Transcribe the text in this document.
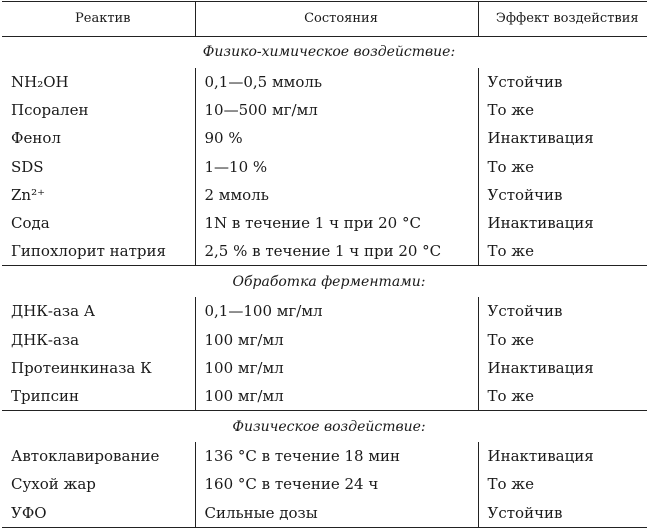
Реактив	Состояния	Эффект воздействия
Физико-химическое воздействие:		
NH₂OH	0,1—0,5 ммоль	Устойчив
Псорален	10—500 мг/мл	То же
Фенол	90 %	Инактивация
SDS	1—10 %	То же
Zn²⁺	2 ммоль	Устойчив
Сода	1N в течение 1 ч при 20 °С	Инактивация
Гипохлорит натрия	2,5 % в течение 1 ч при 20 °С	То же
Обработка ферментами:		
ДНК-аза А	0,1—100 мг/мл	Устойчив
ДНК-аза	100 мг/мл	То же
Протеинкиназа К	100 мг/мл	Инактивация
Трипсин	100 мг/мл	То же
Физическое воздействие:		
Автоклавирование	136 °С в течение 18 мин	Инактивация
Сухой жар	160 °С в течение 24 ч	То же
УФО	Сильные дозы	Устойчив
